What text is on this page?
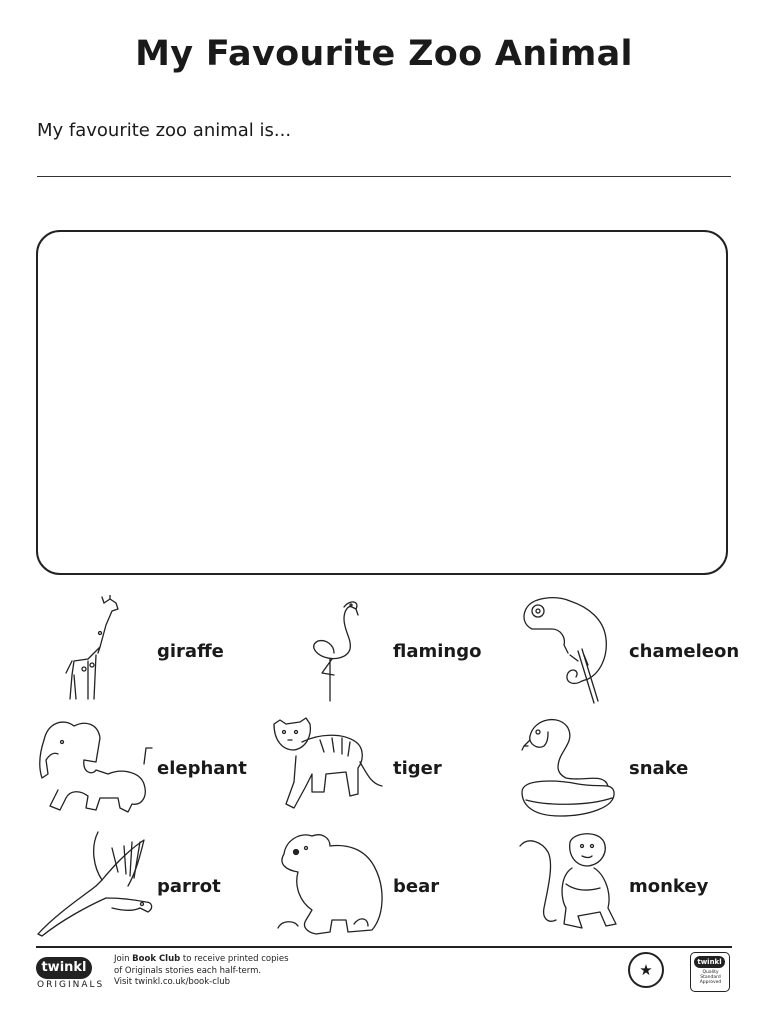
My Favourite Zoo Animal
My favourite zoo animal is...
giraffe	flamingo	chameleon
elephant	tiger	snake
parrot	bear	monkey
twinkl
ORIGINALS
Join Book Club to receive printed copies
of Originals stories each half-term.
Visit twinkl.co.uk/book-club
★	twinkl
Quality Standard Approved
